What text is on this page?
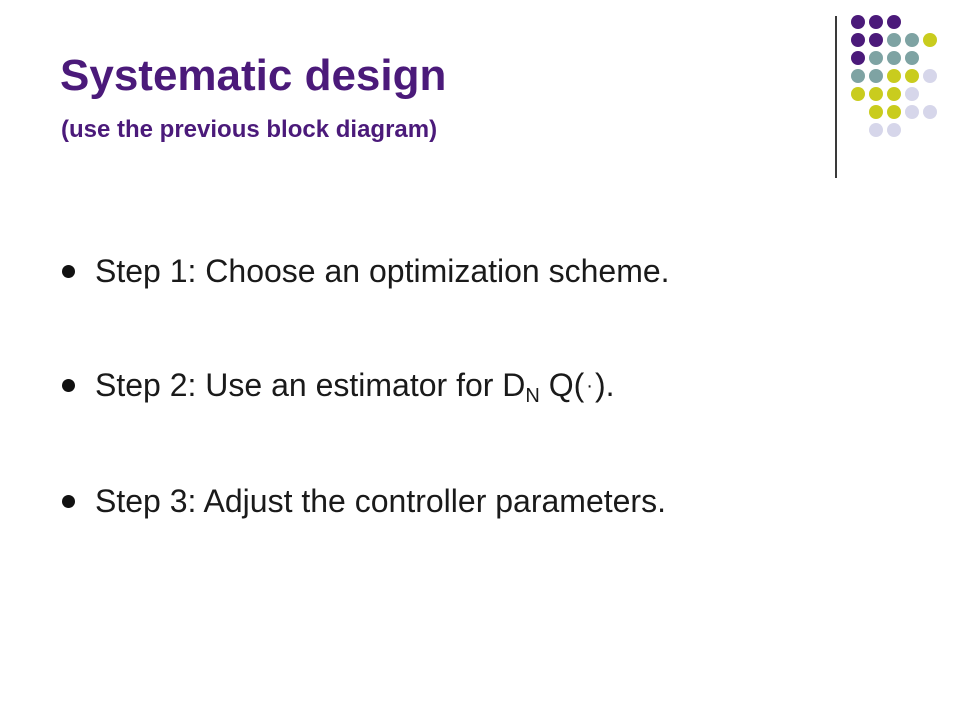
Systematic design
(use the previous block diagram)
Step 1: Choose an optimization scheme.
Step 2: Use an estimator for $D_N$ Q( ·).
Step 3: Adjust the controller parameters.
